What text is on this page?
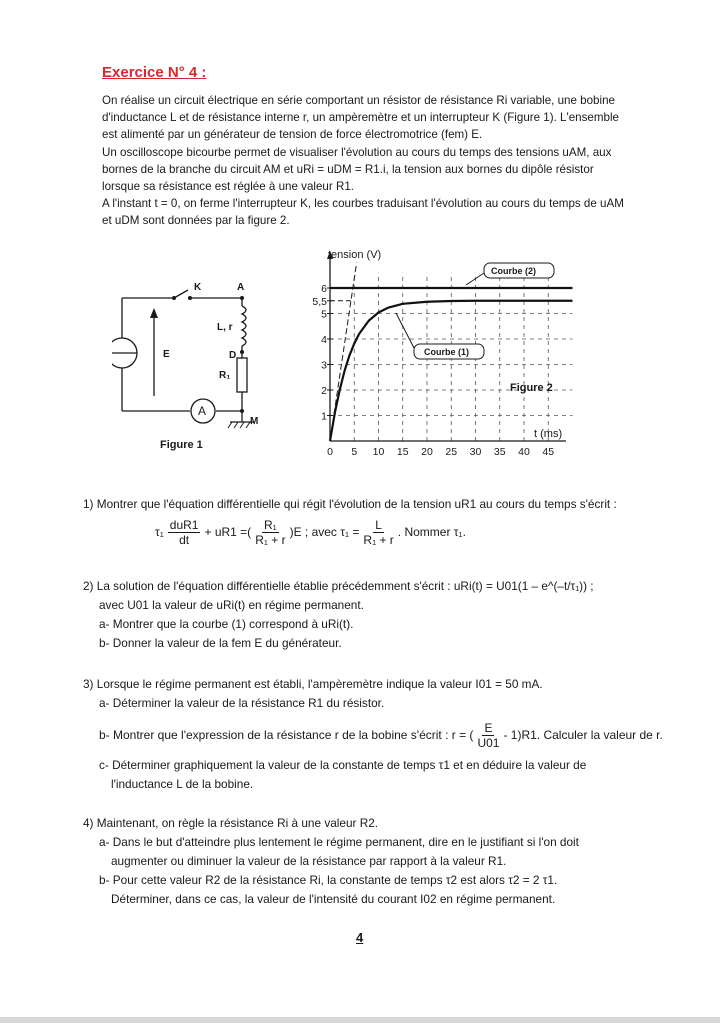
Exercice N° 4 :

On réalise un circuit électrique en série comportant un résistor de résistance Ri variable, une bobine d'inductance L et de résistance interne r, un ampèremètre et un interrupteur K (Figure 1). L'ensemble est alimenté par un générateur de tension de force électromotrice (fem) E.

Un oscilloscope bicourbe permet de visualiser l'évolution au cours du temps des tensions uAM, aux bornes de la branche du circuit AM et uRi = uDM = R1.i, la tension aux bornes du dipôle résistor lorsque sa résistance est réglée à une valeur R1.

A l'instant t = 0, on ferme l'interrupteur K, les courbes traduisant l'évolution au cours du temps de uAM et uDM sont données par la figure 2.

K	A
L, r
D
R₁
E
A
M
Figure 1
1
2
3
4
5
5,5
6
0 5 10 15 20 25 30 35 40 45
tension (V)
t (ms)
Courbe (2)
Courbe (1)
Figure 2

1) Montrer que l'équation différentielle qui régit l'évolution de la tension uR1 au cours du temps s'écrit :

$\tau_1 \frac{\text{duR1}}{dt} + uR1$ =( $\frac{\text{R₁}}{\text{R₁ + r}} )E$ ; avec $\tau_1 = \frac{L}{\text{R₁ + r}}$ . Nommer τ₁.

2) La solution de l'équation différentielle établie précédemment s'écrit : uRi(t) = U01(1 – e^(–t/τ₁)) ;

avec U01 la valeur de uRi(t) en régime permanent.

a- Montrer que la courbe (1) correspond à uRi(t).

b- Donner la valeur de la fem E du générateur.

3) Lorsque le régime permanent est établi, l'ampèremètre indique la valeur I01 = 50 mA.

a- Déterminer la valeur de la résistance R1 du résistor.

b- Montrer que l'expression de la résistance r de la bobine s'écrit : r = ( $\frac{E}{U01} - 1)R1$. Calculer la valeur de r.

c- Déterminer graphiquement la valeur de la constante de temps τ1 et en déduire la valeur de

l'inductance L de la bobine.

4) Maintenant, on règle la résistance Ri à une valeur R2.

a- Dans le but d'atteindre plus lentement le régime permanent, dire en le justifiant si l'on doit

augmenter ou diminuer la valeur de la résistance par rapport à la valeur R1.

b- Pour cette valeur R2 de la résistance Ri, la constante de temps τ2 est alors τ2 = 2 τ1.

Déterminer, dans ce cas, la valeur de l'intensité du courant I02 en régime permanent.

4
